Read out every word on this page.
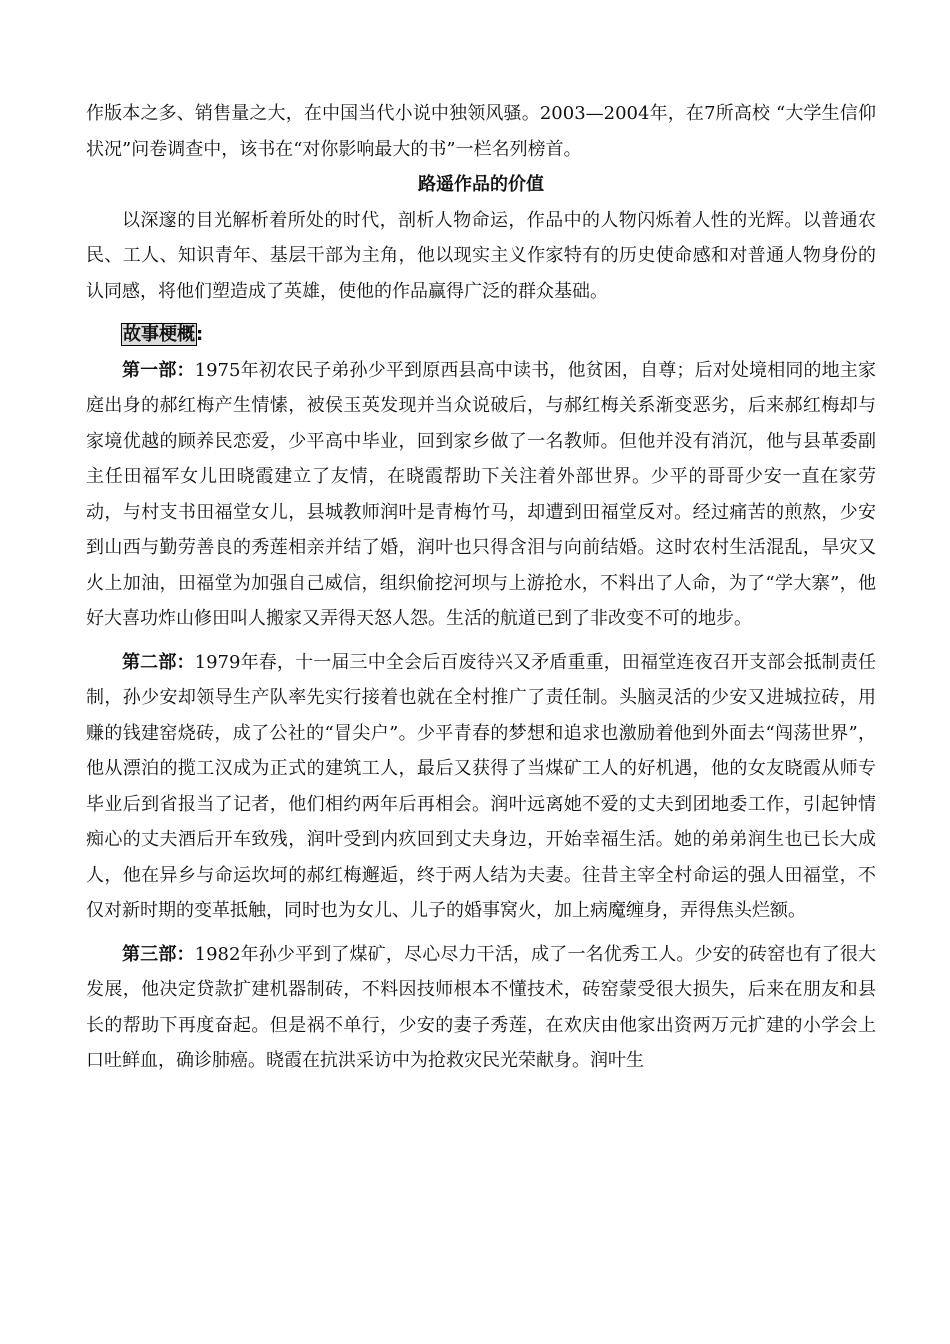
作版本之多、销售量之大，在中国当代小说中独领风骚。2003—2004年，在7所高校 “大学生信仰状况”问卷调查中，该书在“对你影响最大的书”一栏名列榜首。

路遥作品的价值

以深邃的目光解析着所处的时代，剖析人物命运，作品中的人物闪烁着人性的光辉。以普通农民、工人、知识青年、基层干部为主角，他以现实主义作家特有的历史使命感和对普通人物身份的认同感，将他们塑造成了英雄，使他的作品赢得广泛的群众基础。

故事梗概:

第一部：1975年初农民子弟孙少平到原西县高中读书，他贫困，自尊；后对处境相同的地主家庭出身的郝红梅产生情愫，被侯玉英发现并当众说破后，与郝红梅关系渐变恶劣，后来郝红梅却与家境优越的顾养民恋爱，少平高中毕业，回到家乡做了一名教师。但他并没有消沉，他与县革委副主任田福军女儿田晓霞建立了友情，在晓霞帮助下关注着外部世界。少平的哥哥少安一直在家劳动，与村支书田福堂女儿，县城教师润叶是青梅竹马，却遭到田福堂反对。经过痛苦的煎熬，少安到山西与勤劳善良的秀莲相亲并结了婚，润叶也只得含泪与向前结婚。这时农村生活混乱，旱灾又火上加油，田福堂为加强自己威信，组织偷挖河坝与上游抢水，不料出了人命，为了“学大寨”，他好大喜功炸山修田叫人搬家又弄得天怒人怨。生活的航道已到了非改变不可的地步。

第二部：1979年春，十一届三中全会后百废待兴又矛盾重重，田福堂连夜召开支部会抵制责任制，孙少安却领导生产队率先实行接着也就在全村推广了责任制。头脑灵活的少安又进城拉砖，用赚的钱建窑烧砖，成了公社的“冒尖户”。少平青春的梦想和追求也激励着他到外面去“闯荡世界”，他从漂泊的揽工汉成为正式的建筑工人，最后又获得了当煤矿工人的好机遇，他的女友晓霞从师专毕业后到省报当了记者，他们相约两年后再相会。润叶远离她不爱的丈夫到团地委工作，引起钟情痴心的丈夫酒后开车致残，润叶受到内疚回到丈夫身边，开始幸福生活。她的弟弟润生也已长大成人，他在异乡与命运坎坷的郝红梅邂逅，终于两人结为夫妻。往昔主宰全村命运的强人田福堂，不仅对新时期的变革抵触，同时也为女儿、儿子的婚事窝火，加上病魔缠身，弄得焦头烂额。

第三部：1982年孙少平到了煤矿，尽心尽力干活，成了一名优秀工人。少安的砖窑也有了很大发展，他决定贷款扩建机器制砖，不料因技师根本不懂技术，砖窑蒙受很大损失，后来在朋友和县长的帮助下再度奋起。但是祸不单行，少安的妻子秀莲，在欢庆由他家出资两万元扩建的小学会上口吐鲜血，确诊肺癌。晓霞在抗洪采访中为抢救灾民光荣献身。润叶生
